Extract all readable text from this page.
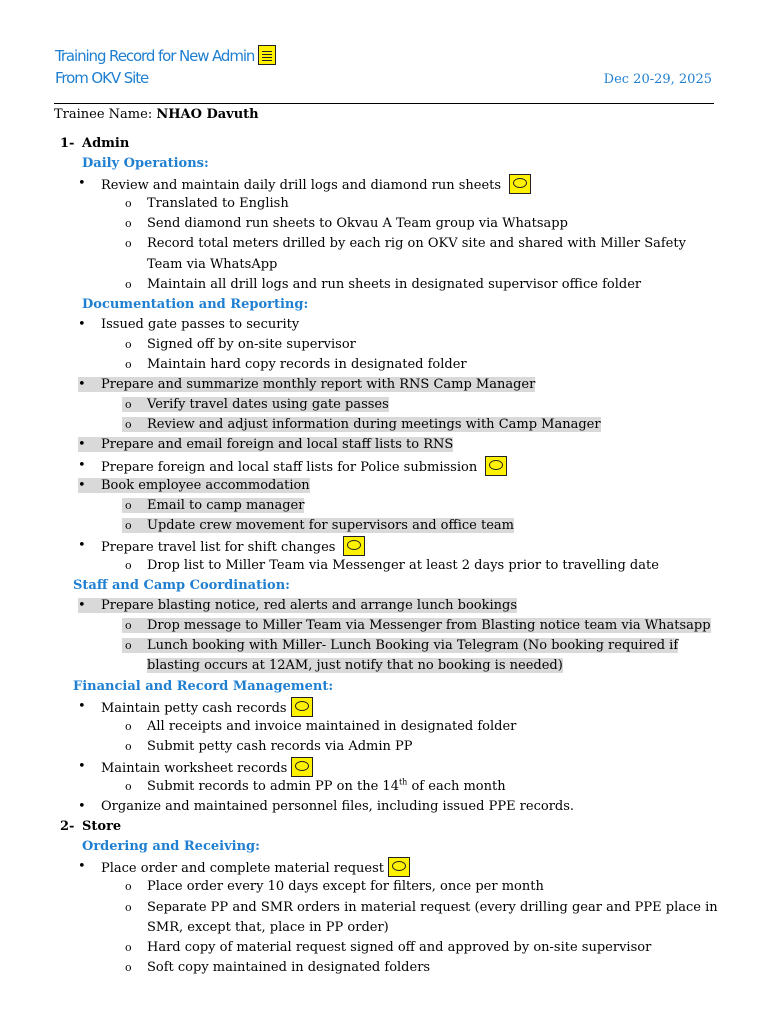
Training Record for New Admin
From OKV Site	Dec 20-29, 2025
Trainee Name: NHAO Davuth
1- Admin
Daily Operations:
• Review and maintain daily drill logs and diamond run sheets
o Translated to English
o Send diamond run sheets to Okvau A Team group via Whatsapp
o Record total meters drilled by each rig on OKV site and shared with Miller Safety
Team via WhatsApp
o Maintain all drill logs and run sheets in designated supervisor office folder
Documentation and Reporting:
• Issued gate passes to security
o Signed off by on-site supervisor
o Maintain hard copy records in designated folder
• Prepare and summarize monthly report with RNS Camp Manager
o Verify travel dates using gate passes
o Review and adjust information during meetings with Camp Manager
• Prepare and email foreign and local staff lists to RNS
• Prepare foreign and local staff lists for Police submission
• Book employee accommodation
o Email to camp manager
o Update crew movement for supervisors and office team
• Prepare travel list for shift changes
o Drop list to Miller Team via Messenger at least 2 days prior to travelling date
Staff and Camp Coordination:
• Prepare blasting notice, red alerts and arrange lunch bookings
o Drop message to Miller Team via Messenger from Blasting notice team via Whatsapp
o Lunch booking with Miller- Lunch Booking via Telegram (No booking required if
blasting occurs at 12AM, just notify that no booking is needed)
Financial and Record Management:
• Maintain petty cash records
o All receipts and invoice maintained in designated folder
o Submit petty cash records via Admin PP
• Maintain worksheet records
o Submit records to admin PP on the 14th of each month
• Organize and maintained personnel files, including issued PPE records.
2- Store
Ordering and Receiving:
• Place order and complete material request
o Place order every 10 days except for filters, once per month
o Separate PP and SMR orders in material request (every drilling gear and PPE place in
SMR, except that, place in PP order)
o Hard copy of material request signed off and approved by on-site supervisor
o Soft copy maintained in designated folders
